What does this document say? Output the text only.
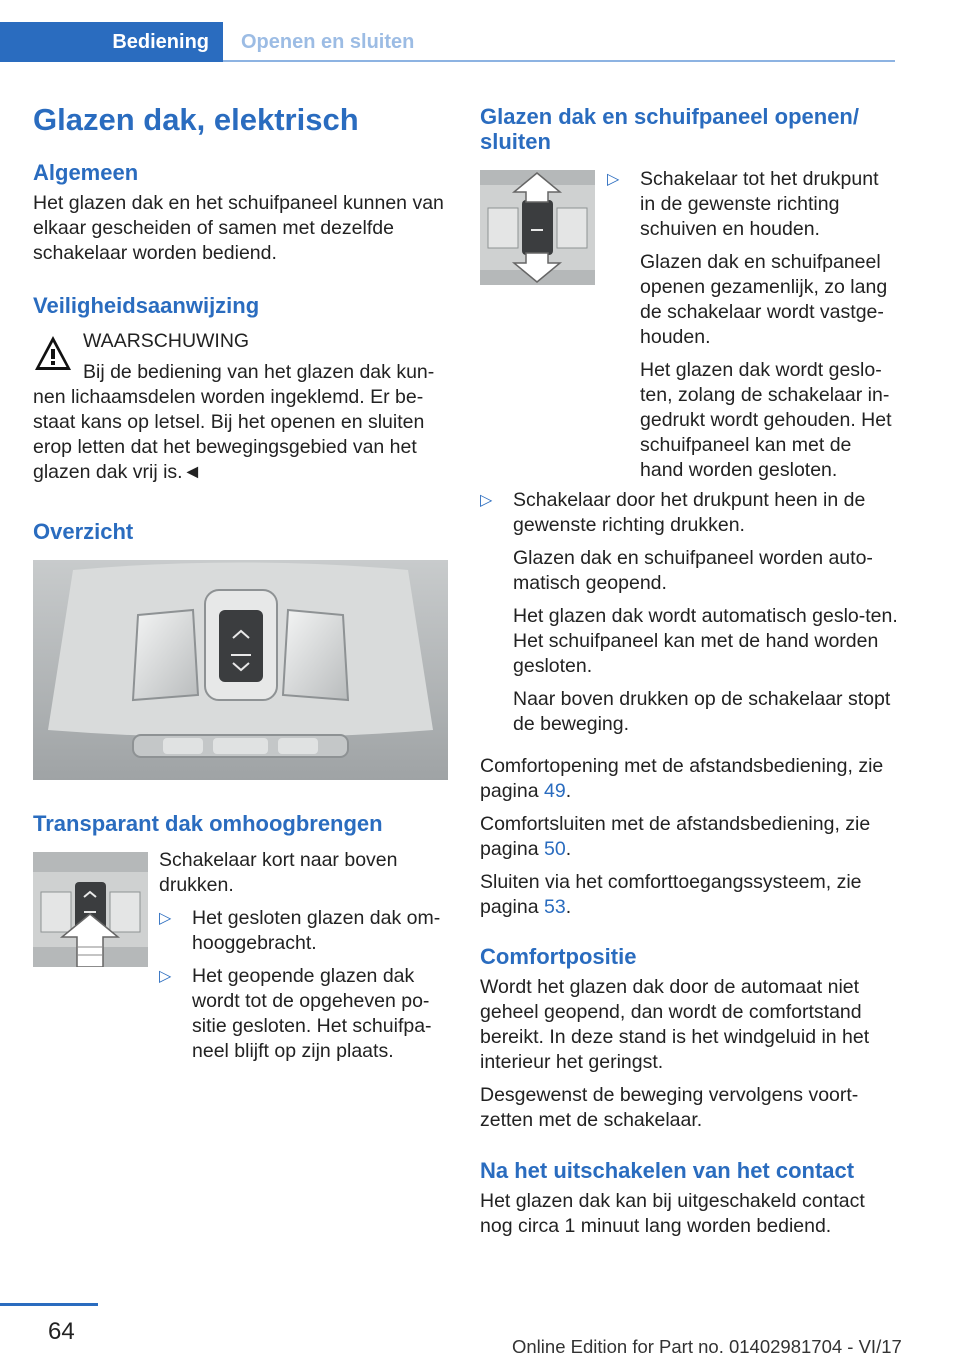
Bediening	Openen en sluiten
Glazen dak, elektrisch
Algemeen

Het glazen dak en het schuifpaneel kunnen van elkaar gescheiden of samen met dezelfde schakelaar worden bediend.

Veiligheidsaanwijzing

WAARSCHUWING

Bij de bediening van het glazen dak kun-nen lichaamsdelen worden ingeklemd. Er be-staat kans op letsel. Bij het openen en sluiten erop letten dat het bewegingsgebied van het glazen dak vrij is.◄

Overzicht
Transparant dak omhoogbrengen

Schakelaar kort naar boven drukken.

▷ Het gesloten glazen dak om-hooggebracht.

▷ Het geopende glazen dak wordt tot de opgeheven po-sitie gesloten. Het schuifpa-neel blijft op zijn plaats.

Glazen dak en schuifpaneel openen/ sluiten
▷ Schakelaar tot het drukpunt in de gewenste richting schuiven en houden.

Glazen dak en schuifpaneel openen gezamenlijk, zo lang de schakelaar wordt vastge-houden.

Het glazen dak wordt geslo-ten, zolang de schakelaar in-gedrukt wordt gehouden. Het schuifpaneel kan met de hand worden gesloten.

▷ Schakelaar door het drukpunt heen in de gewenste richting drukken.

Glazen dak en schuifpaneel worden auto-matisch geopend.

Het glazen dak wordt automatisch geslo-ten. Het schuifpaneel kan met de hand worden gesloten.

Naar boven drukken op de schakelaar stopt de beweging.

Comfortopening met de afstandsbediening, zie pagina 49.

Comfortsluiten met de afstandsbediening, zie pagina 50.

Sluiten via het comforttoegangssysteem, zie pagina 53.

Comfortpositie

Wordt het glazen dak door de automaat niet geheel geopend, dan wordt de comfortstand bereikt. In deze stand is het windgeluid in het interieur het geringst.

Desgewenst de beweging vervolgens voort-zetten met de schakelaar.

Na het uitschakelen van het contact

Het glazen dak kan bij uitgeschakeld contact nog circa 1 minuut lang worden bediend.

64
Online Edition for Part no. 01402981704 - VI/17
